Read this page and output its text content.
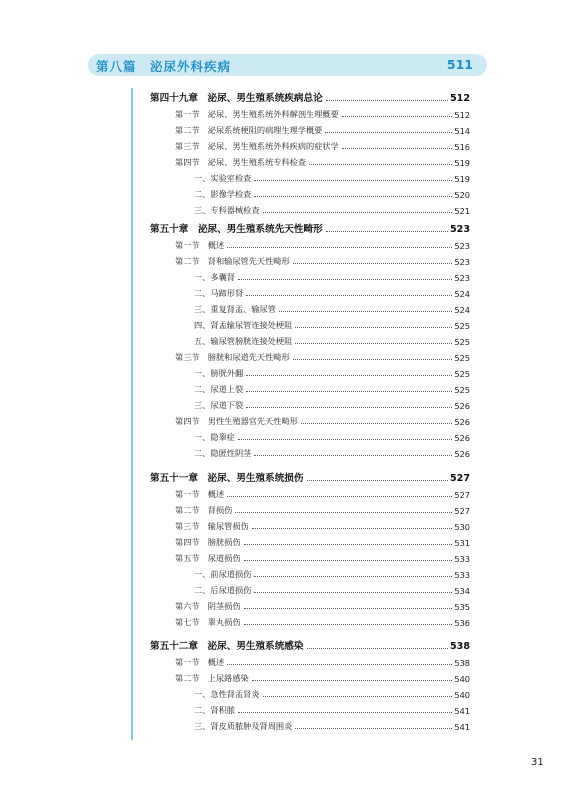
第八篇　泌尿外科疾病	511
第四十九章　泌尿、男生殖系统疾病总论	512
第一节　泌尿、男生殖系统外科解剖生理概要	512
第二节　泌尿系统梗阻的病理生理学概要	514
第三节　泌尿、男生殖系统外科疾病的症状学	516
第四节　泌尿、男生殖系统专科检查	519
一、实验室检查	519
二、影像学检查	520
三、专科器械检查	521
第五十章　泌尿、男生殖系统先天性畸形	523
第一节　概述	523
第二节　肾和输尿管先天性畸形	523
一、多囊肾	523
二、马蹄形肾	524
三、重复肾盂、输尿管	524
四、肾盂输尿管连接处梗阻	525
五、输尿管膀胱连接处梗阻	525
第三节　膀胱和尿道先天性畸形	525
一、膀胱外翻	525
二、尿道上裂	525
三、尿道下裂	526
第四节　男性生殖器官先天性畸形	526
一、隐睾症	526
二、隐匿性阴茎	526
第五十一章　泌尿、男生殖系统损伤	527
第一节　概述	527
第二节　肾损伤	527
第三节　输尿管损伤	530
第四节　膀胱损伤	531
第五节　尿道损伤	533
一、前尿道损伤	533
二、后尿道损伤	534
第六节　阴茎损伤	535
第七节　睾丸损伤	536
第五十二章　泌尿、男生殖系统感染	538
第一节　概述	538
第二节　上尿路感染	540
一、急性肾盂肾炎	540
二、肾积脓	541
三、肾皮质脓肿及肾周围炎	541
31
